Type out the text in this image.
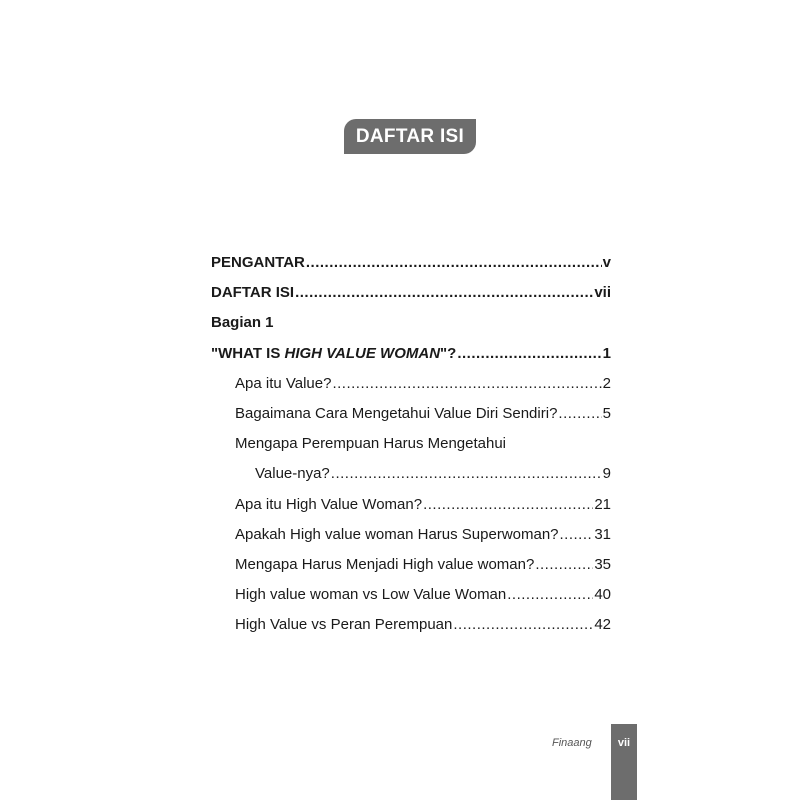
DAFTAR ISI
PENGANTAR .....	v
DAFTAR ISI .....	vii
Bagian 1
"WHAT IS HIGH VALUE WOMAN"? .....	1
Apa itu Value? .....	2
Bagaimana Cara Mengetahui Value Diri Sendiri? .....	5
Mengapa Perempuan Harus Mengetahui
Value-nya? .....	9
Apa itu High Value Woman? .....	21
Apakah High value woman Harus Superwoman? ..... 31
Mengapa Harus Menjadi High value woman? .....	35
High value woman vs Low Value Woman .....	40
High Value vs Peran Perempuan .....	42
Finaang	vii
